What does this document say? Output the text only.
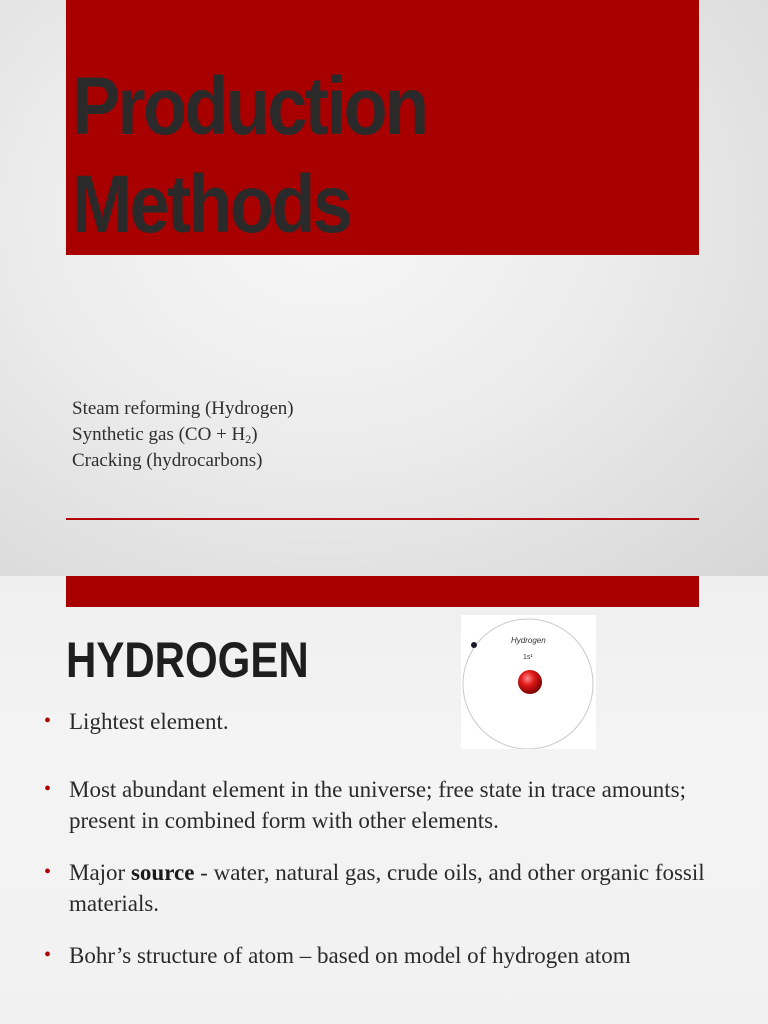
Production
Methods
Steam reforming (Hydrogen)
Synthetic gas $(CO + H_2)$
Cracking (hydrocarbons)
HYDROGEN	Hydrogen
1s¹
• Lightest element.
• Most abundant element in the universe; free state in trace amounts; present in combined form with other elements.
• Major source - water, natural gas, crude oils, and other organic fossil materials.
• Bohr’s structure of atom – based on model of hydrogen atom
